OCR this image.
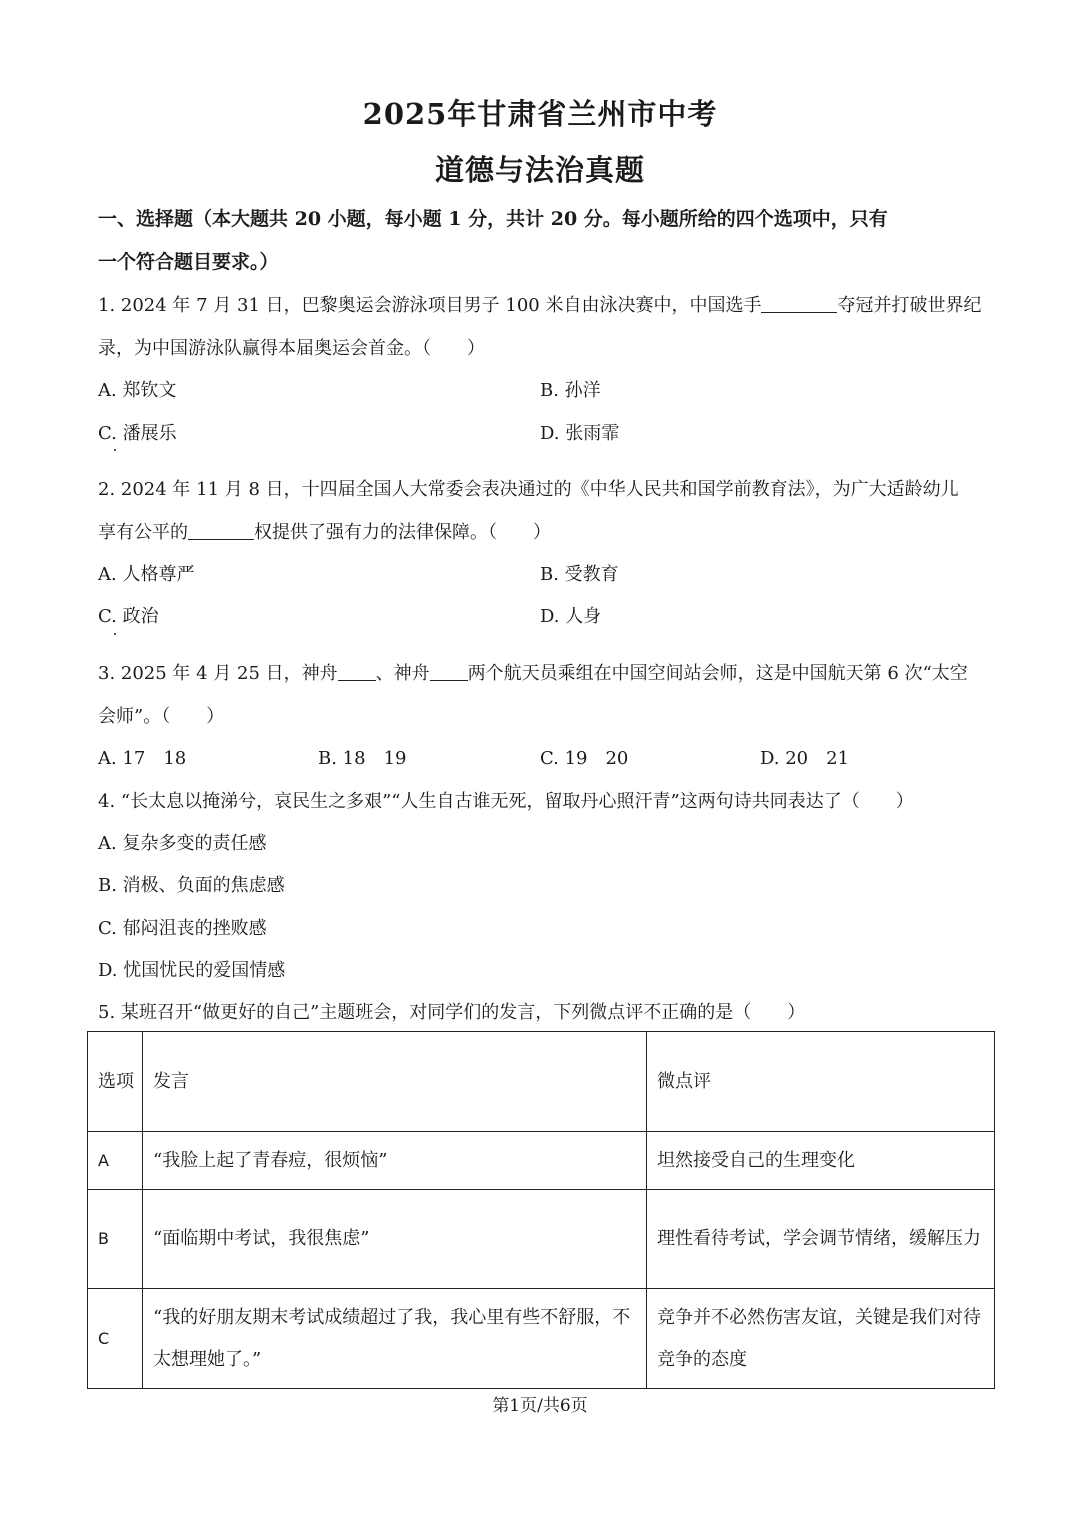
2025年甘肃省兰州市中考
道德与法治真题
一、选择题（本大题共 20 小题，每小题 1 分，共计 20 分。每小题所给的四个选项中，只有
一个符合题目要求。）
1. 2024 年 7 月 31 日，巴黎奥运会游泳项目男子 100 米自由泳决赛中，中国选手	夺冠并打破世界纪
录，为中国游泳队赢得本届奥运会首金。（　　）
A. 郑钦文	B. 孙洋
C. 潘展乐	D. 张雨霏
2. 2024 年 11 月 8 日，十四届全国人大常委会表决通过的《中华人民共和国学前教育法》，为广大适龄幼儿
享有公平的	权提供了强有力的法律保障。（　　）
A. 人格尊严	B. 受教育
C. 政治	D. 人身
3. 2025 年 4 月 25 日，神舟 、神舟 两个航天员乘组在中国空间站会师，这是中国航天第 6 次“太空
会师”。（　　）
A. 17　18	B. 18　19	C. 19　20	D. 20　21
4. “长太息以掩涕兮，哀民生之多艰”“人生自古谁无死，留取丹心照汗青”这两句诗共同表达了（　　）
A. 复杂多变的责任感
B. 消极、负面的焦虑感
C. 郁闷沮丧的挫败感
D. 忧国忧民的爱国情感
5. 某班召开“做更好的自己”主题班会，对同学们的发言，下列微点评不正确的是（　　）
选项	发言	微点评
A	“我脸上起了青春痘，很烦恼”	坦然接受自己的生理变化
B	“面临期中考试，我很焦虑”	理性看待考试，学会调节情绪，缓解压力
C	“我的好朋友期末考试成绩超过了我，我心里有些不舒服，不太想理她了。”	竞争并不必然伤害友谊，关键是我们对待竞争的态度
第1页/共6页
